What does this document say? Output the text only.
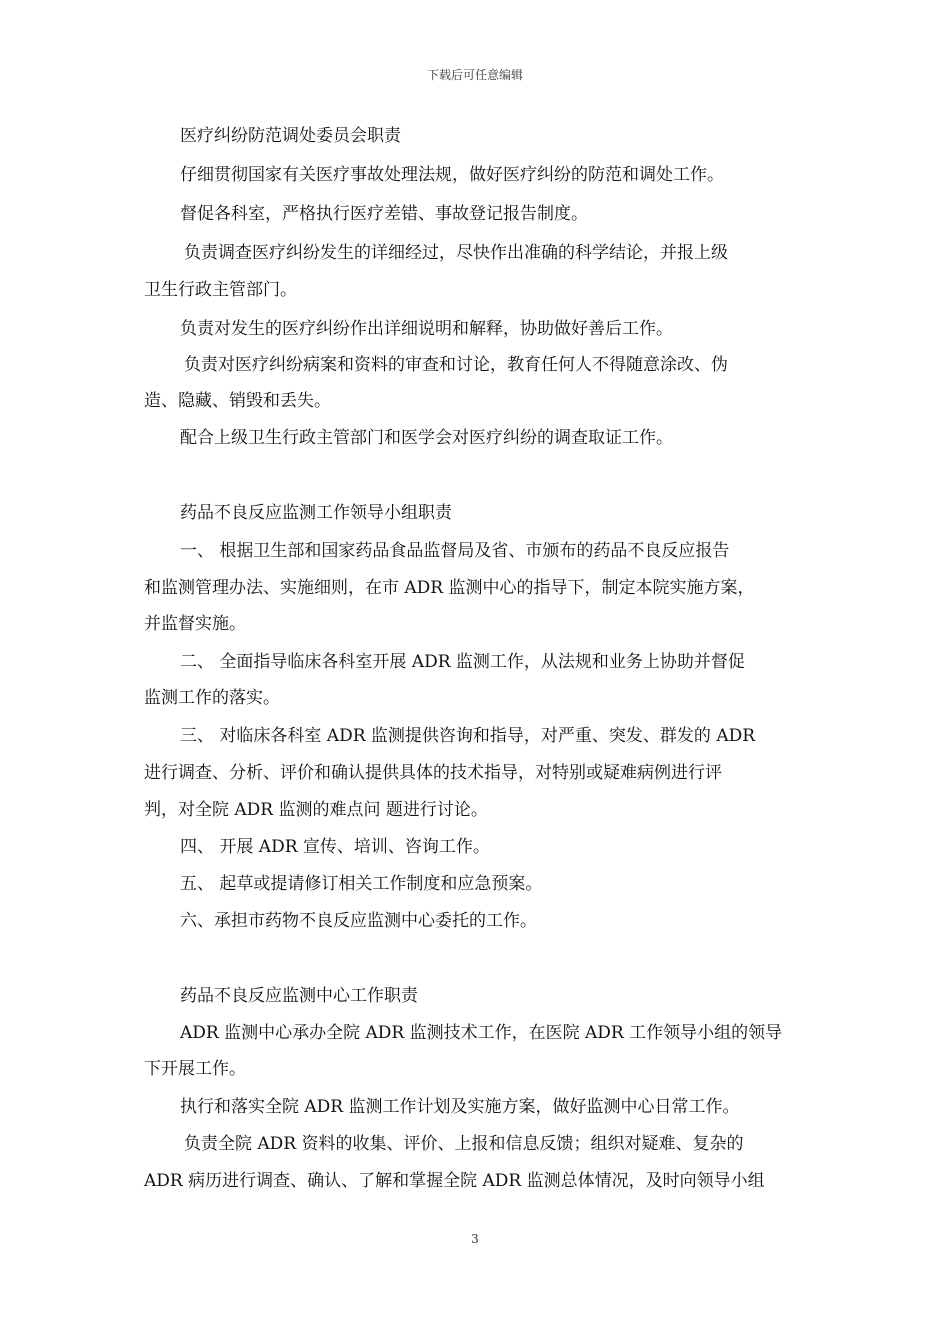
下载后可任意编辑
医疗纠纷防范调处委员会职责
仔细贯彻国家有关医疗事故处理法规，做好医疗纠纷的防范和调处工作。
督促各科室，严格执行医疗差错、事故登记报告制度。
负责调查医疗纠纷发生的详细经过，尽快作出准确的科学结论，并报上级
卫生行政主管部门。
负责对发生的医疗纠纷作出详细说明和解释，协助做好善后工作。
负责对医疗纠纷病案和资料的审查和讨论，教育任何人不得随意涂改、伪
造、隐藏、销毁和丢失。
配合上级卫生行政主管部门和医学会对医疗纠纷的调查取证工作。
药品不良反应监测工作领导小组职责
一、 根据卫生部和国家药品食品监督局及省、市颁布的药品不良反应报告
和监测管理办法、实施细则，在市 ADR 监测中心的指导下，制定本院实施方案，
并监督实施。
二、 全面指导临床各科室开展 ADR 监测工作，从法规和业务上协助并督促
监测工作的落实。
三、 对临床各科室 ADR 监测提供咨询和指导，对严重、突发、群发的 ADR
进行调查、分析、评价和确认提供具体的技术指导，对特别或疑难病例进行评
判，对全院 ADR 监测的难点问 题进行讨论。
四、 开展 ADR 宣传、培训、咨询工作。
五、 起草或提请修订相关工作制度和应急预案。
六、承担市药物不良反应监测中心委托的工作。
药品不良反应监测中心工作职责
ADR 监测中心承办全院 ADR 监测技术工作，在医院 ADR 工作领导小组的领导
下开展工作。
执行和落实全院 ADR 监测工作计划及实施方案，做好监测中心日常工作。
负责全院 ADR 资料的收集、评价、上报和信息反馈；组织对疑难、复杂的
ADR 病历进行调查、确认、了解和掌握全院 ADR 监测总体情况，及时向领导小组
3
